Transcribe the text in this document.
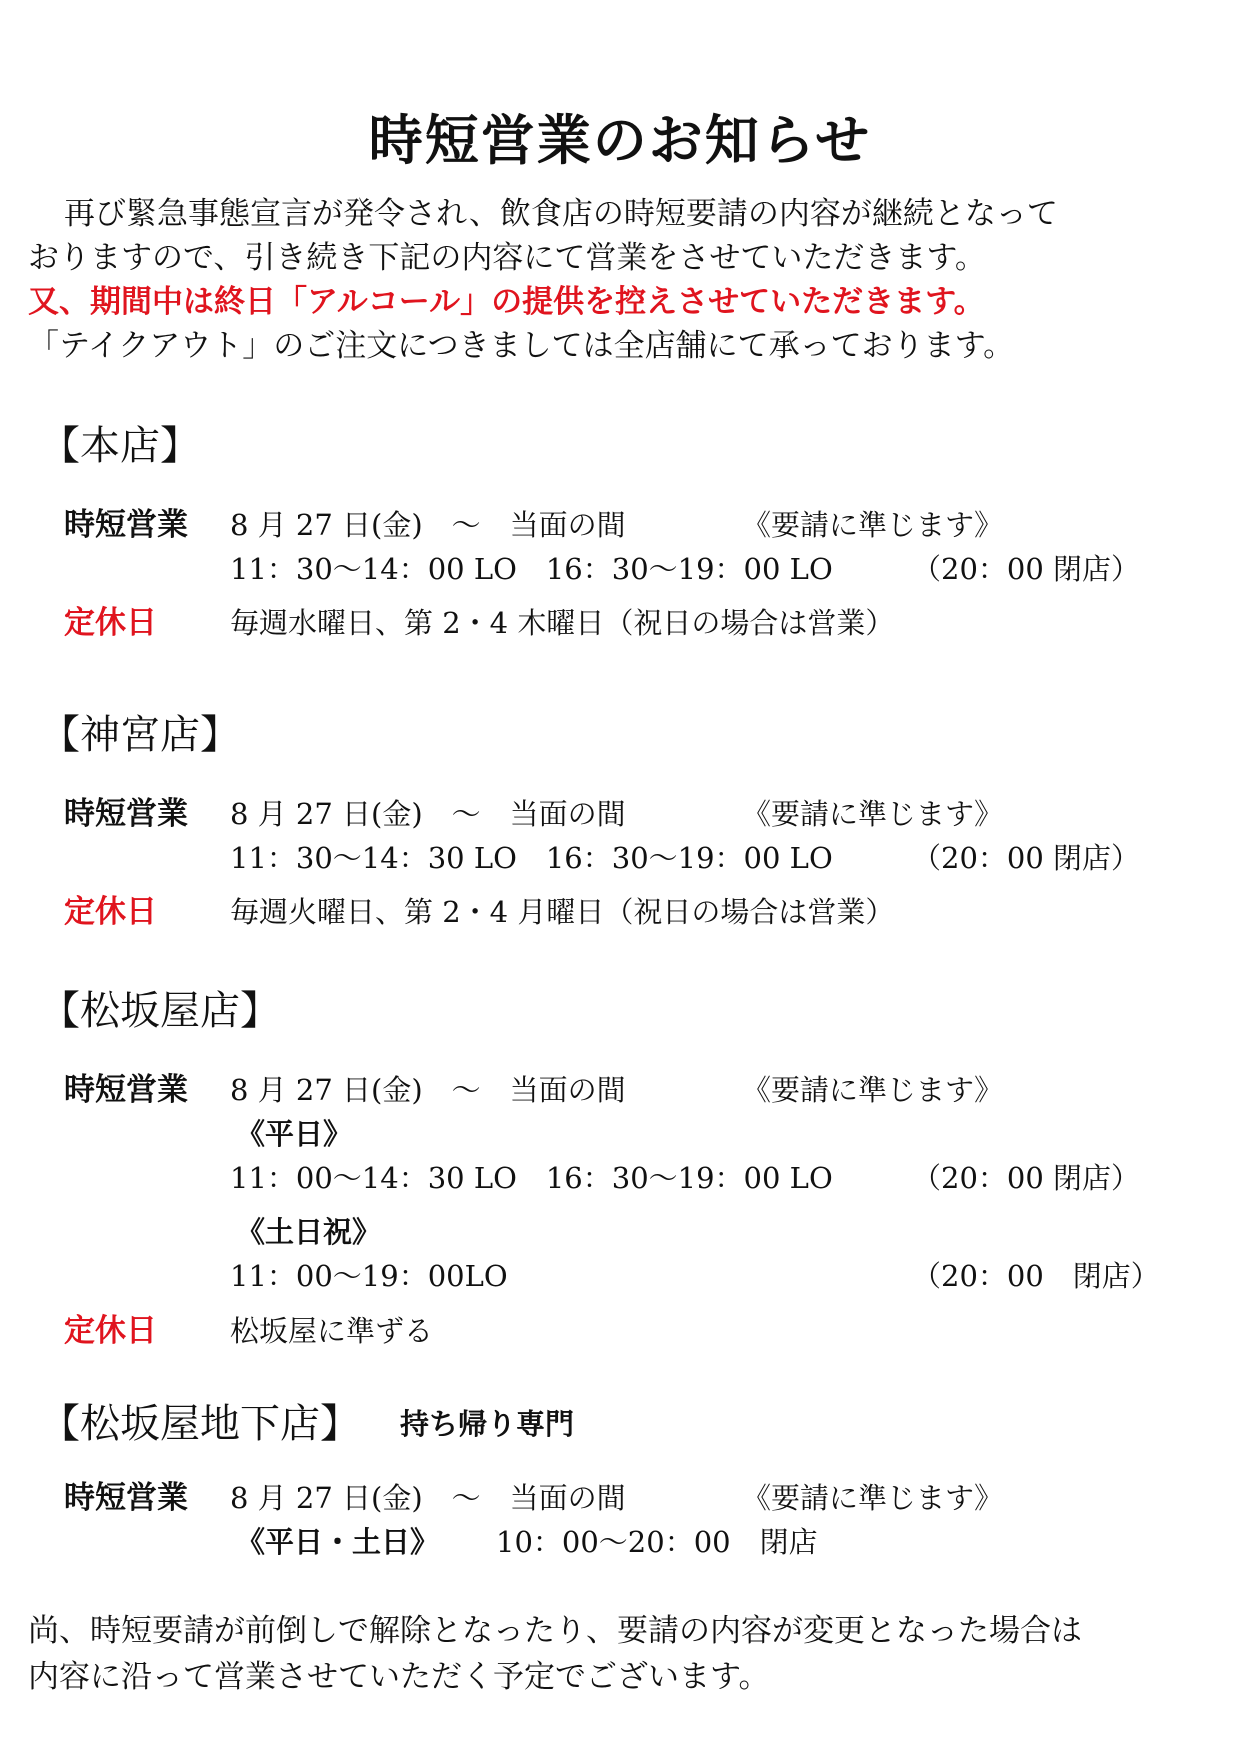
時短営業のお知らせ
再び緊急事態宣言が発令され、飲食店の時短要請の内容が継続となって
おりますので、引き続き下記の内容にて営業をさせていただきます。
又、期間中は終日「アルコール」の提供を控えさせていただきます。
「テイクアウト」のご注文につきましては全店舗にて承っております。
【本店】
時短営業 8 月 27 日(金)　～　当面の間	《要請に準じます》
11：30～14：00 LO　16：30～19：00 LO	（20：00 閉店）
定休日	毎週水曜日、第 2・4 木曜日（祝日の場合は営業）
【神宮店】
時短営業 8 月 27 日(金)　～　当面の間	《要請に準じます》
11：30～14：30 LO　16：30～19：00 LO	（20：00 閉店）
定休日	毎週火曜日、第 2・4 月曜日（祝日の場合は営業）
【松坂屋店】
時短営業 8 月 27 日(金)　～　当面の間	《要請に準じます》
《平日》
11：00～14：30 LO　16：30～19：00 LO	（20：00 閉店）
《土日祝》
11：00～19：00LO	（20：00　閉店）
定休日	松坂屋に準ずる
【松坂屋地下店】 持ち帰り専門
時短営業 8 月 27 日(金)　～　当面の間	《要請に準じます》
《平日・土日》 10：00～20：00　閉店
尚、時短要請が前倒しで解除となったり、要請の内容が変更となった場合は
内容に沿って営業させていただく予定でございます。
